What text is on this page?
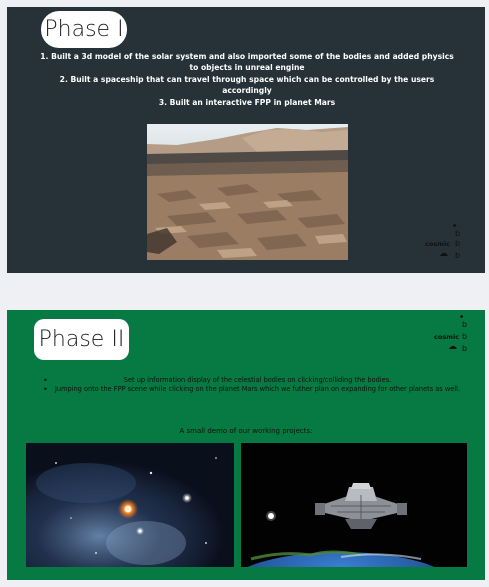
Phase I
1. Built a 3d model of the solar system and also imported some of the bodies and added physics to objects in unreal engine
2. Built a spaceship that can travel through space which can be controlled by the users accordingly
3. Built an interactive FPP in planet Mars
⬩
b
cosmic b
☁ b
Phase II
⬩
b
cosmic b
☁ b
• Set up information display of the celestial bodies on clicking/colliding the bodies.
• Jumping onto the FPP scene while clicking on the planet Mars which we futher plan on expanding for other planets as well.
A small demo of our working projects:
